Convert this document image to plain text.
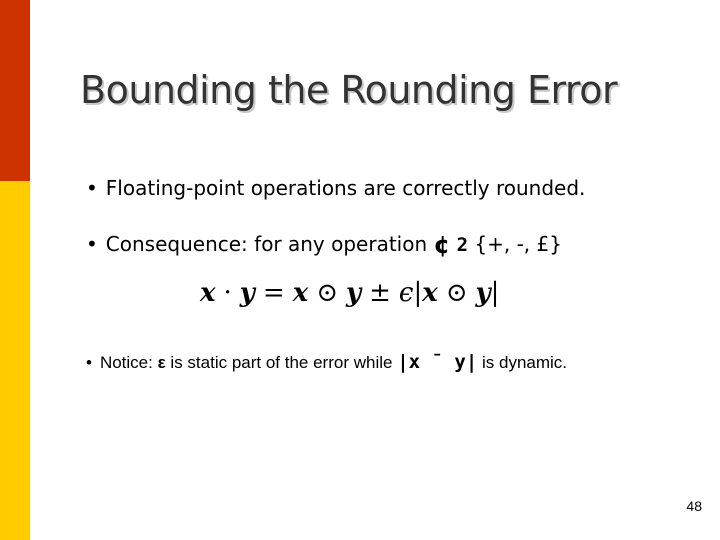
Bounding the Rounding Error
• Floating-point operations are correctly rounded.
• Consequence: for any operation ¢ 2 {+, -, £}
x · y = x ⊙ y ± ϵ|x ⊙ y|
• Notice: ε is static part of the error while |x ¯ y| is dynamic.
48
